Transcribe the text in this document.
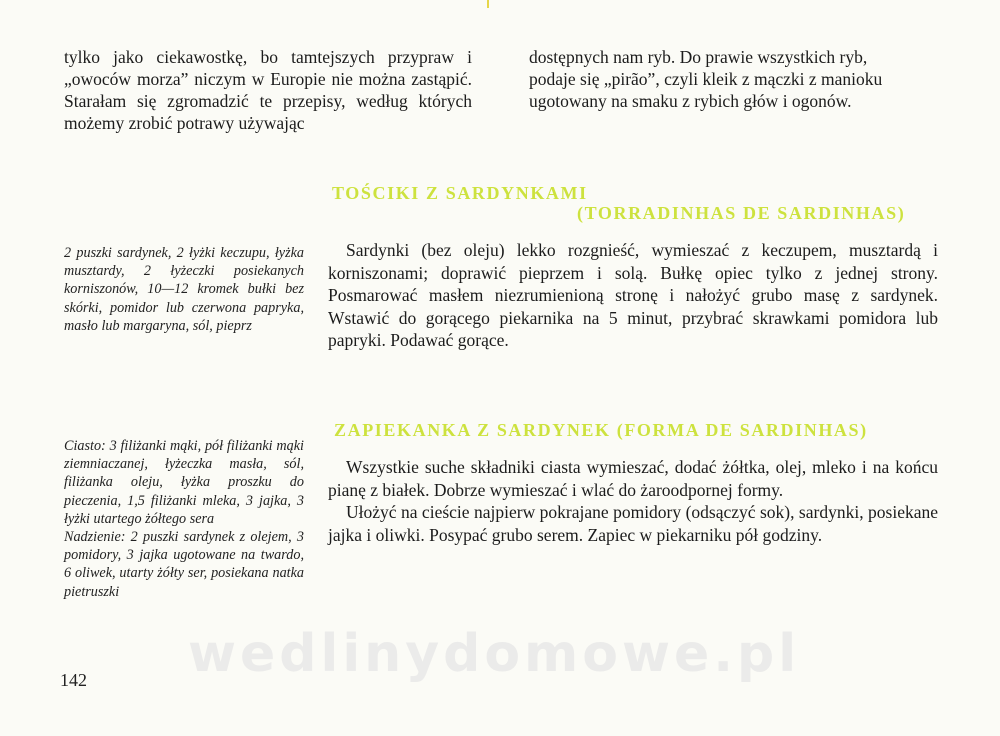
tylko jako ciekawostkę, bo tamtejszych przypraw i „owoców morza” niczym w Europie nie można zastąpić. Starałam się zgromadzić te przepisy, według których możemy zrobić potrawy używając

dostępnych nam ryb. Do prawie wszystkich ryb, podaje się „pirão”, czyli kleik z mączki z manioku ugotowany na smaku z rybich głów i ogonów.

TOŚCIKI Z SARDYNKAMI
(TORRADINHAS DE SARDINHAS)

2 puszki sardynek, 2 łyżki keczupu, łyżka musztardy, 2 łyżeczki posiekanych korniszonów, 10—12 kromek bułki bez skórki, pomidor lub czerwona papryka, masło lub margaryna, sól, pieprz

Sardynki (bez oleju) lekko rozgnieść, wymieszać z keczupem, musztardą i korniszonami; doprawić pieprzem i solą. Bułkę opiec tylko z jednej strony. Posmarować masłem niezrumienioną stronę i nałożyć grubo masę z sardynek. Wstawić do gorącego piekarnika na 5 minut, przybrać skrawkami pomidora lub papryki. Podawać gorące.

ZAPIEKANKA Z SARDYNEK (FORMA DE SARDINHAS)

Ciasto: 3 filiżanki mąki, pół filiżanki mąki ziemniaczanej, łyżeczka masła, sól, filiżanka oleju, łyżka proszku do pieczenia, 1,5 filiżanki mleka, 3 jajka, 3 łyżki utartego żółtego sera

Nadzienie: 2 puszki sardynek z olejem, 3 pomidory, 3 jajka ugotowane na twardo, 6 oliwek, utarty żółty ser, posiekana natka pietruszki

Wszystkie suche składniki ciasta wymieszać, dodać żółtka, olej, mleko i na końcu pianę z białek. Dobrze wymieszać i wlać do żaroodpornej formy.

Ułożyć na cieście najpierw pokrajane pomidory (odsączyć sok), sardynki, posiekane jajka i oliwki. Posypać grubo serem. Zapiec w piekarniku pół godziny.

wedlinydomowe.pl
142
